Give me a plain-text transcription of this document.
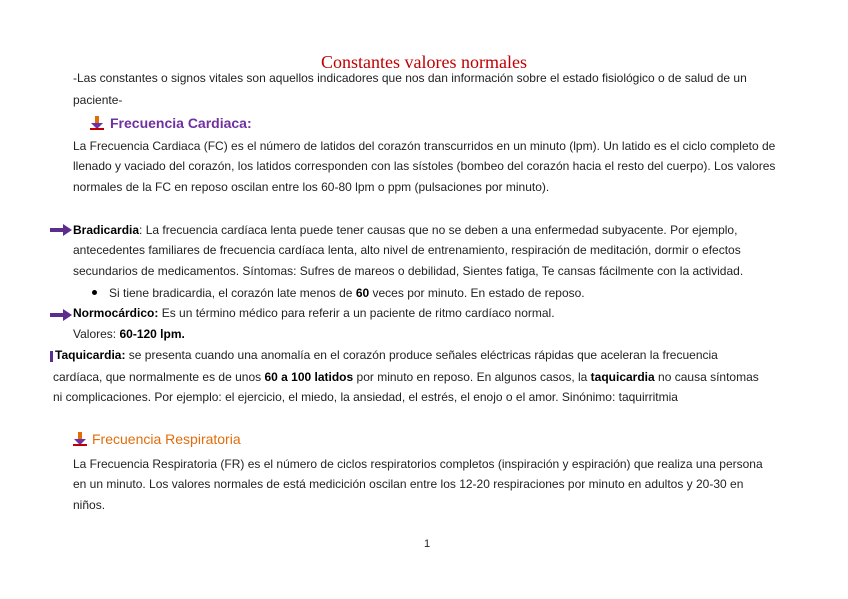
Constantes valores normales
-Las constantes o signos vitales son aquellos indicadores que nos dan información sobre el estado fisiológico o de salud de un
paciente-
Frecuencia Cardiaca:
La Frecuencia Cardiaca (FC) es el número de latidos del corazón transcurridos en un minuto (lpm). Un latido es el ciclo completo de
llenado y vaciado del corazón, los latidos corresponden con las sístoles (bombeo del corazón hacia el resto del cuerpo). Los valores
normales de la FC en reposo oscilan entre los 60-80 lpm o ppm (pulsaciones por minuto).
Bradicardia: La frecuencia cardíaca lenta puede tener causas que no se deben a una enfermedad subyacente. Por ejemplo,
antecedentes familiares de frecuencia cardíaca lenta, alto nivel de entrenamiento, respiración de meditación, dormir o efectos
secundarios de medicamentos. Síntomas: Sufres de mareos o debilidad, Sientes fatiga, Te cansas fácilmente con la actividad.
Si tiene bradicardia, el corazón late menos de 60 veces por minuto. En estado de reposo.
Normocárdico: Es un término médico para referir a un paciente de ritmo cardíaco normal.
Valores: 60-120 lpm.
Taquicardia: se presenta cuando una anomalía en el corazón produce señales eléctricas rápidas que aceleran la frecuencia
cardíaca, que normalmente es de unos 60 a 100 latidos por minuto en reposo. En algunos casos, la taquicardia no causa síntomas
ni complicaciones. Por ejemplo: el ejercicio, el miedo, la ansiedad, el estrés, el enojo o el amor. Sinónimo: taquirritmia
Frecuencia Respiratoria
La Frecuencia Respiratoria (FR) es el número de ciclos respiratorios completos (inspiración y espiración) que realiza una persona
en un minuto. Los valores normales de está medicición oscilan entre los 12-20 respiraciones por minuto en adultos y 20-30 en
niños.
1
